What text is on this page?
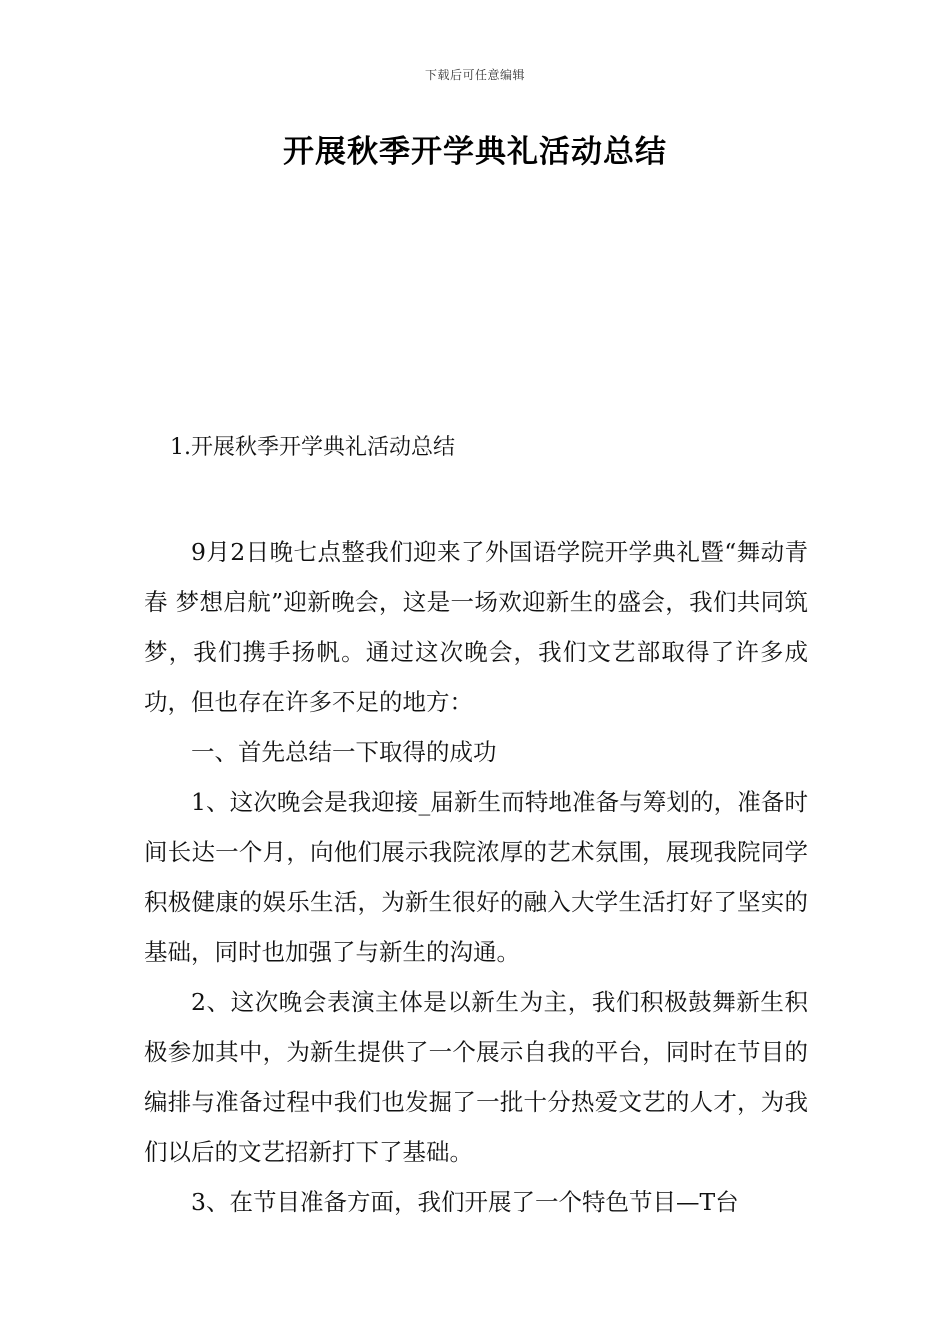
下载后可任意编辑
开展秋季开学典礼活动总结
1.开展秋季开学典礼活动总结

9月2日晚七点整我们迎来了外国语学院开学典礼暨“舞动青春 梦想启航”迎新晚会，这是一场欢迎新生的盛会，我们共同筑梦，我们携手扬帆。通过这次晚会，我们文艺部取得了许多成功，但也存在许多不足的地方：

一、首先总结一下取得的成功

1、这次晚会是我迎接_届新生而特地准备与筹划的，准备时间长达一个月，向他们展示我院浓厚的艺术氛围，展现我院同学积极健康的娱乐生活，为新生很好的融入大学生活打好了坚实的基础，同时也加强了与新生的沟通。

2、这次晚会表演主体是以新生为主，我们积极鼓舞新生积极参加其中，为新生提供了一个展示自我的平台，同时在节目的编排与准备过程中我们也发掘了一批十分热爱文艺的人才，为我们以后的文艺招新打下了基础。

3、在节目准备方面，我们开展了一个特色节目—T台
